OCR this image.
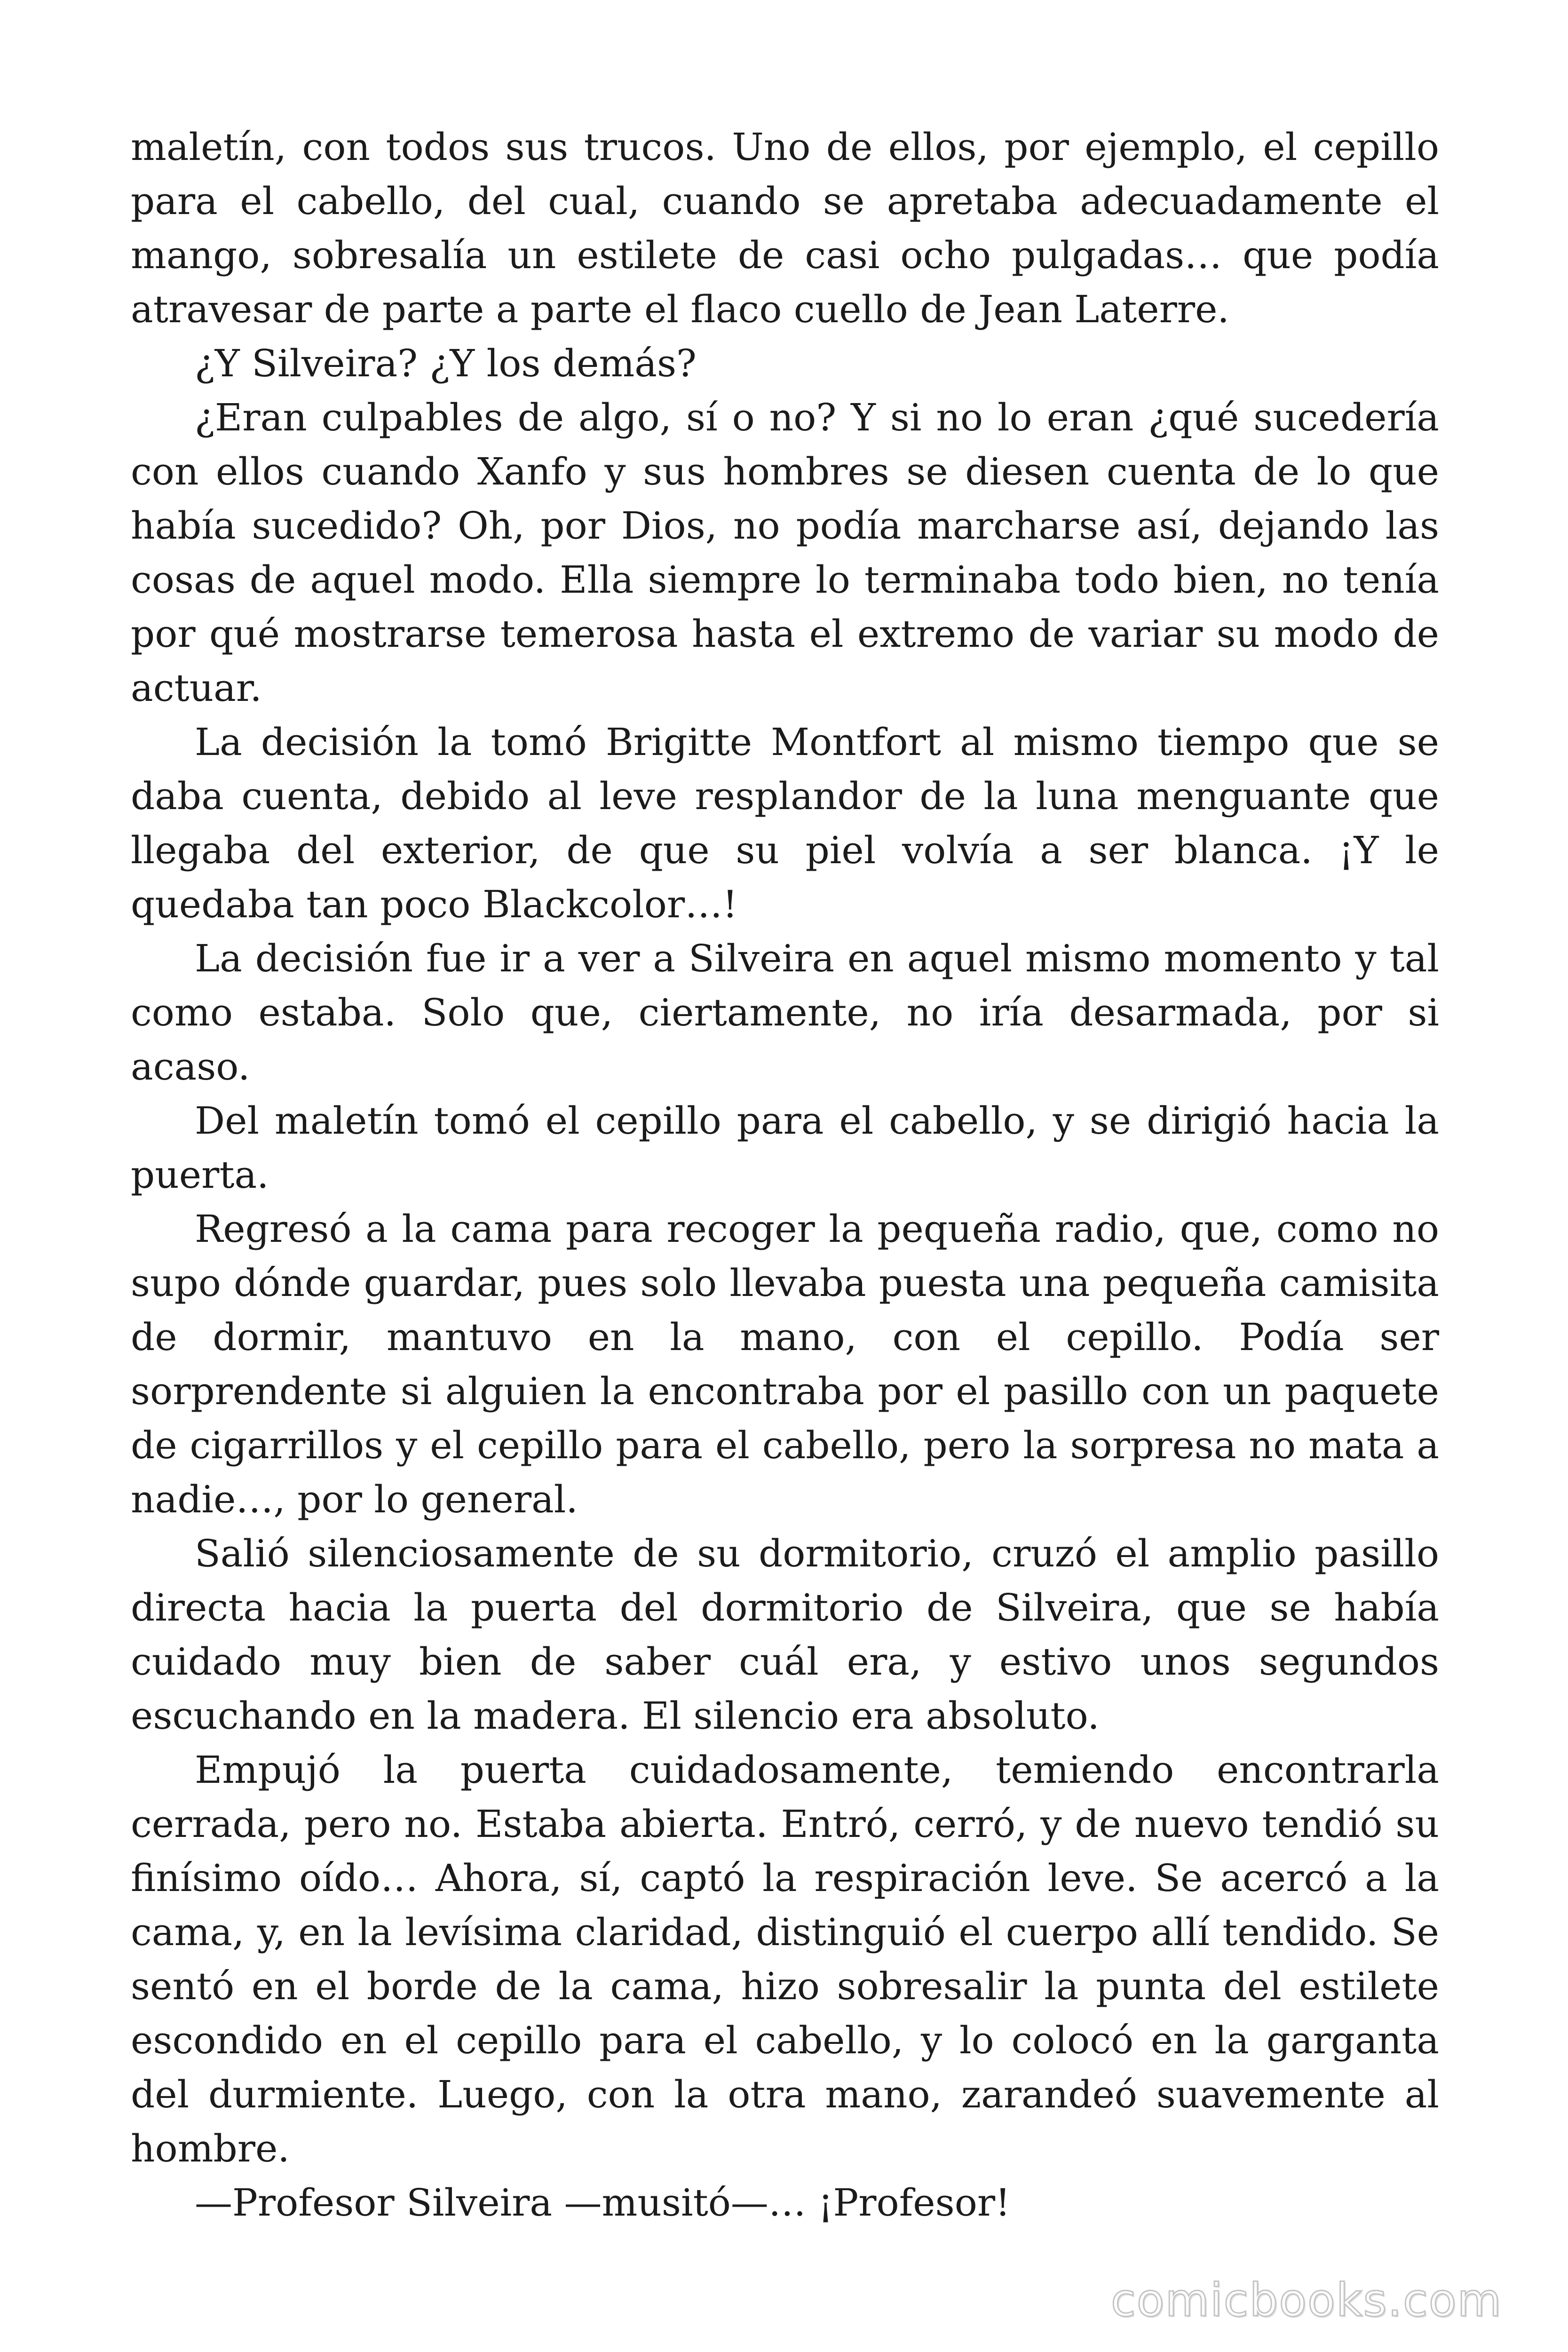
maletín, con todos sus trucos. Uno de ellos, por ejemplo, el cepillo para el cabello, del cual, cuando se apretaba adecuadamente el mango, sobresalía un estilete de casi ocho pulgadas… que podía atravesar de parte a parte el flaco cuello de Jean Laterre.

¿Y Silveira? ¿Y los demás?

¿Eran culpables de algo, sí o no? Y si no lo eran ¿qué sucedería con ellos cuando Xanfo y sus hombres se diesen cuenta de lo que había sucedido? Oh, por Dios, no podía marcharse así, dejando las cosas de aquel modo. Ella siempre lo terminaba todo bien, no tenía por qué mostrarse temerosa hasta el extremo de variar su modo de actuar.

La decisión la tomó Brigitte Montfort al mismo tiempo que se daba cuenta, debido al leve resplandor de la luna menguante que llegaba del exterior, de que su piel volvía a ser blanca. ¡Y le quedaba tan poco Blackcolor…!

La decisión fue ir a ver a Silveira en aquel mismo momento y tal como estaba. Solo que, ciertamente, no iría desarmada, por si acaso.

Del maletín tomó el cepillo para el cabello, y se dirigió hacia la puerta.

Regresó a la cama para recoger la pequeña radio, que, como no supo dónde guardar, pues solo llevaba puesta una pequeña camisita de dormir, mantuvo en la mano, con el cepillo. Podía ser sorprendente si alguien la encontraba por el pasillo con un paquete de cigarrillos y el cepillo para el cabello, pero la sorpresa no mata a nadie…, por lo general.

Salió silenciosamente de su dormitorio, cruzó el amplio pasillo directa hacia la puerta del dormitorio de Silveira, que se había cuidado muy bien de saber cuál era, y estivo unos segundos escuchando en la madera. El silencio era absoluto.

Empujó la puerta cuidadosamente, temiendo encontrarla cerrada, pero no. Estaba abierta. Entró, cerró, y de nuevo tendió su finísimo oído… Ahora, sí, captó la respiración leve. Se acercó a la cama, y, en la levísima claridad, distinguió el cuerpo allí tendido. Se sentó en el borde de la cama, hizo sobresalir la punta del estilete escondido en el cepillo para el cabello, y lo colocó en la garganta del durmiente. Luego, con la otra mano, zarandeó suavemente al hombre.

—Profesor Silveira —musitó—… ¡Profesor!

comicbooks.com
